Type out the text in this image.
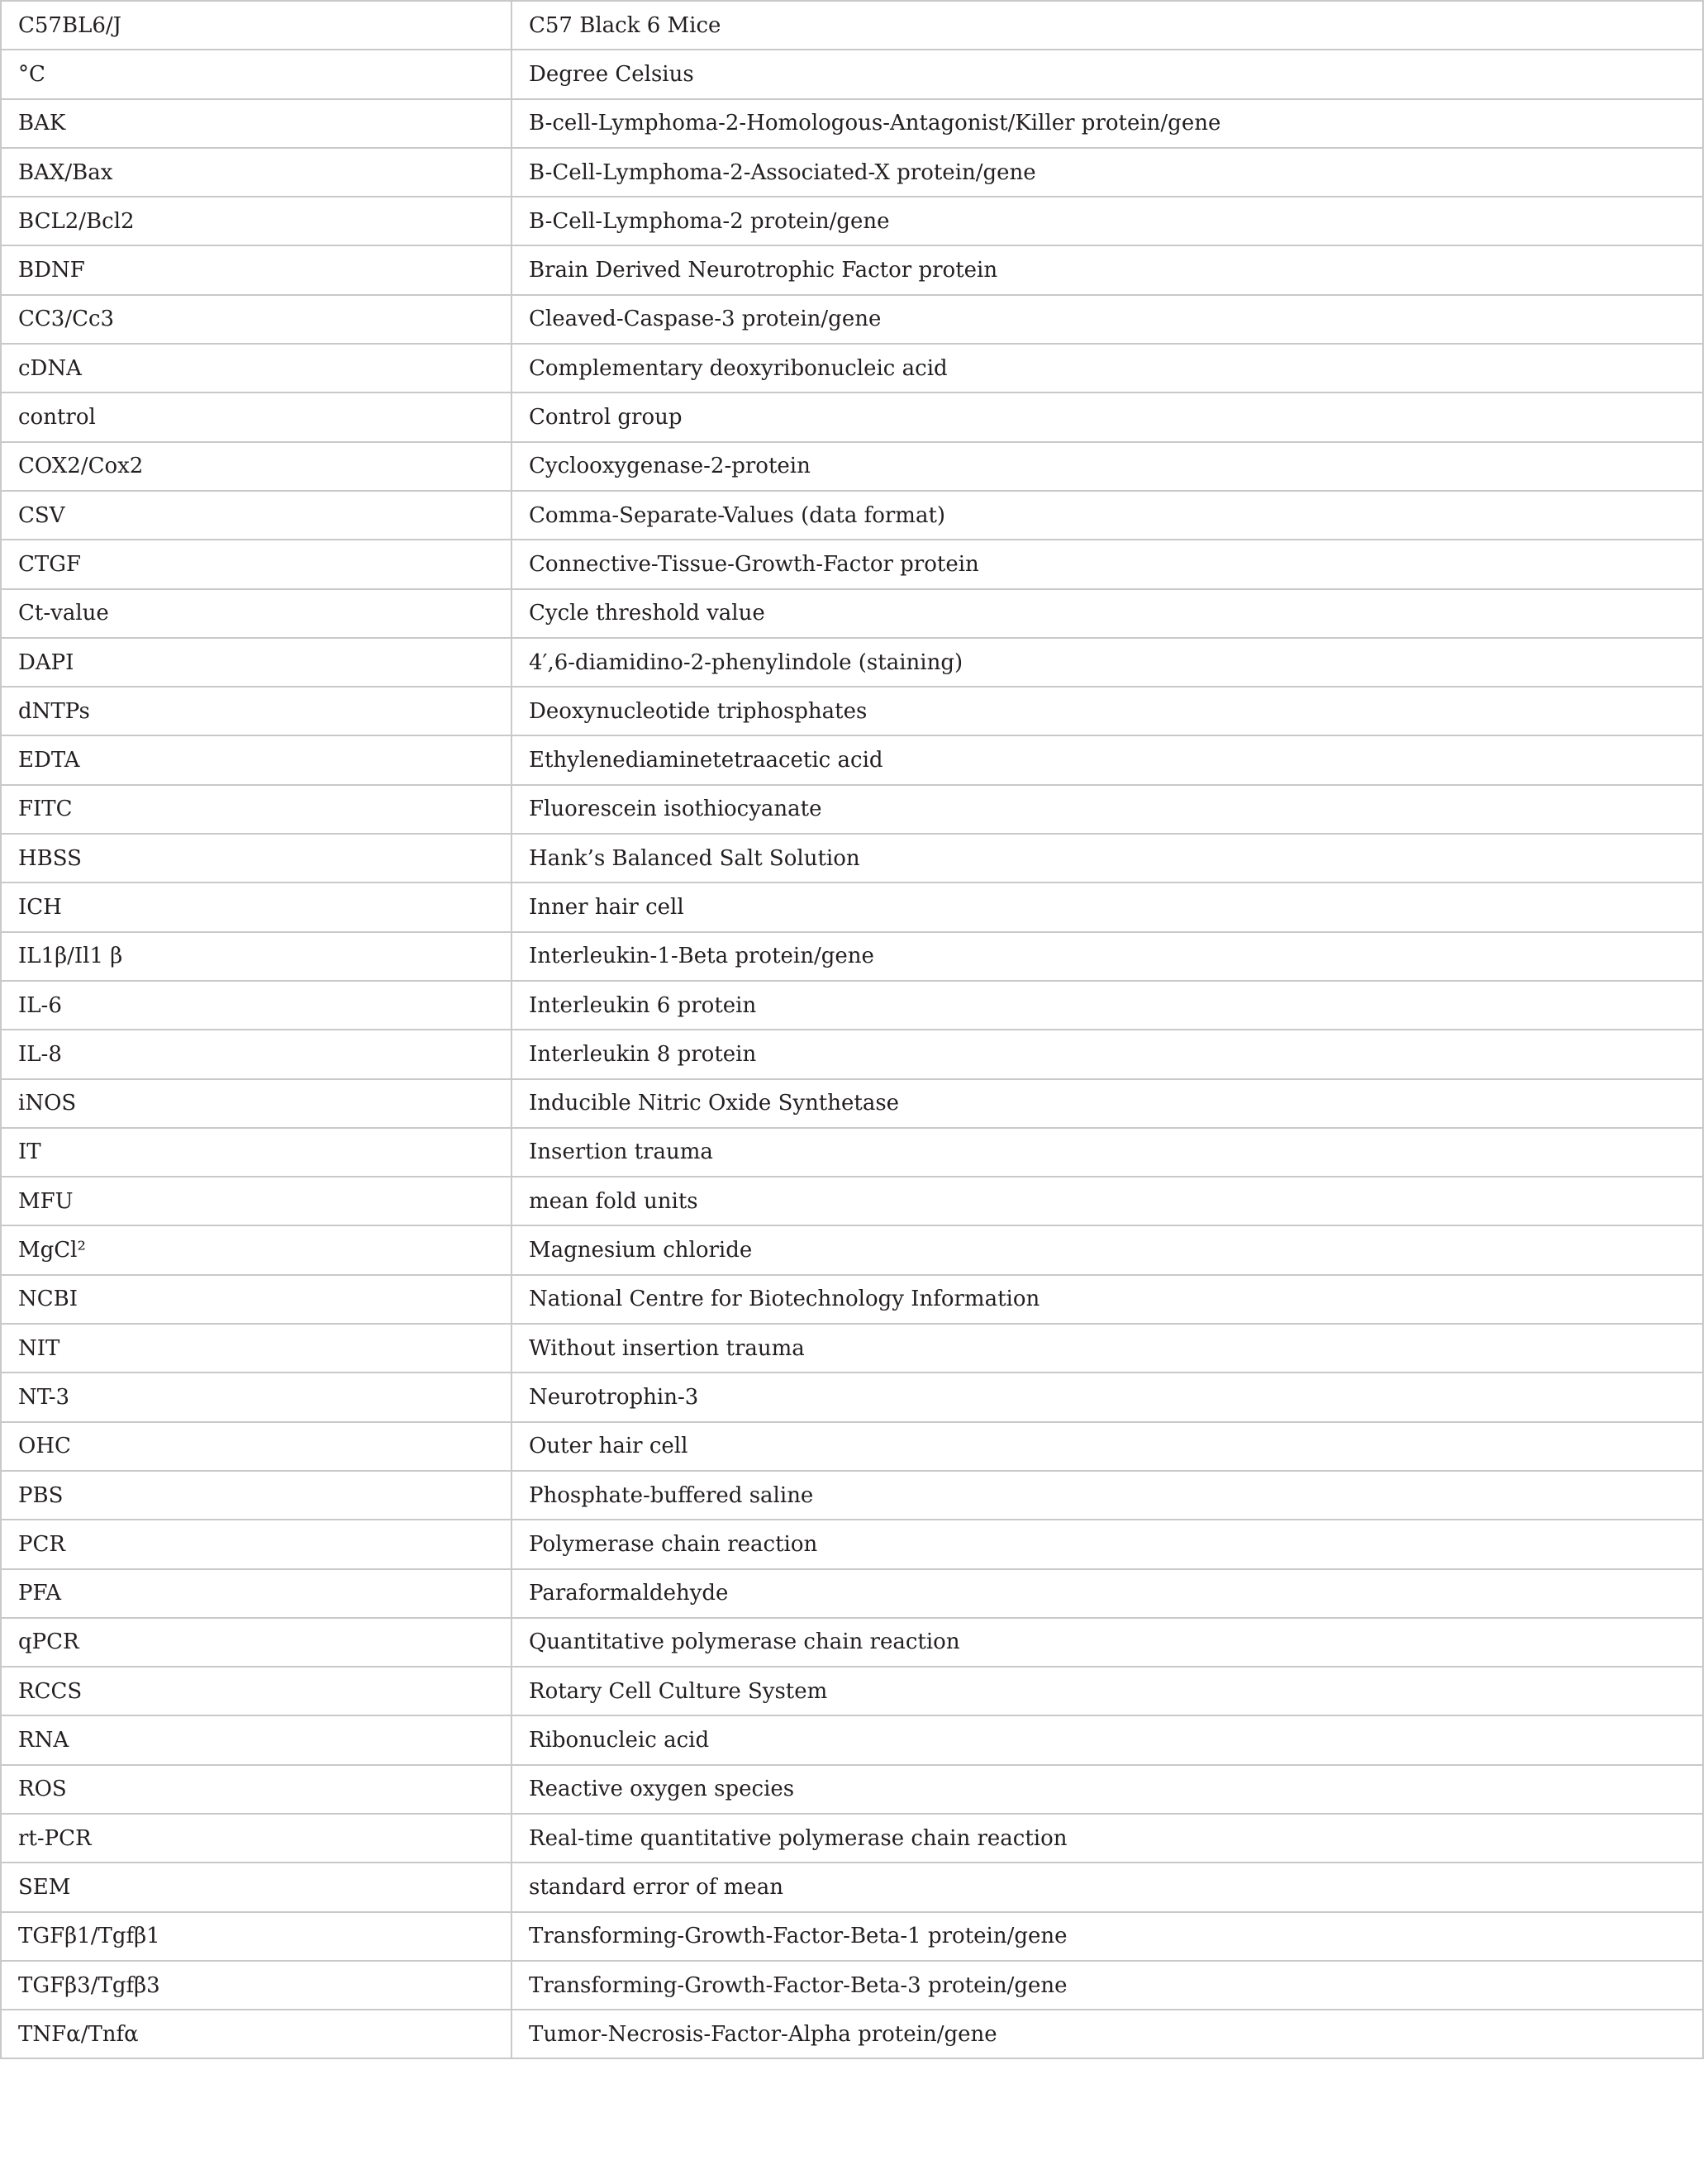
C57BL6/J	C57 Black 6 Mice
°C	Degree Celsius
BAK	B-cell-Lymphoma-2-Homologous-Antagonist/Killer protein/gene
BAX/Bax	B-Cell-Lymphoma-2-Associated-X protein/gene
BCL2/Bcl2	B-Cell-Lymphoma-2 protein/gene
BDNF	Brain Derived Neurotrophic Factor protein
CC3/Cc3	Cleaved-Caspase-3 protein/gene
cDNA	Complementary deoxyribonucleic acid
control	Control group
COX2/Cox2	Cyclooxygenase-2-protein
CSV	Comma-Separate-Values (data format)
CTGF	Connective-Tissue-Growth-Factor protein
Ct-value	Cycle threshold value
DAPI	4′,6-diamidino-2-phenylindole (staining)
dNTPs	Deoxynucleotide triphosphates
EDTA	Ethylenediaminetetraacetic acid
FITC	Fluorescein isothiocyanate
HBSS	Hank’s Balanced Salt Solution
ICH	Inner hair cell
IL1β/Il1 β	Interleukin-1-Beta protein/gene
IL-6	Interleukin 6 protein
IL-8	Interleukin 8 protein
iNOS	Inducible Nitric Oxide Synthetase
IT	Insertion trauma
MFU	mean fold units
MgCl²	Magnesium chloride
NCBI	National Centre for Biotechnology Information
NIT	Without insertion trauma
NT-3	Neurotrophin-3
OHC	Outer hair cell
PBS	Phosphate-buffered saline
PCR	Polymerase chain reaction
PFA	Paraformaldehyde
qPCR	Quantitative polymerase chain reaction
RCCS	Rotary Cell Culture System
RNA	Ribonucleic acid
ROS	Reactive oxygen species
rt-PCR	Real-time quantitative polymerase chain reaction
SEM	standard error of mean
TGFβ1/Tgfβ1	Transforming-Growth-Factor-Beta-1 protein/gene
TGFβ3/Tgfβ3	Transforming-Growth-Factor-Beta-3 protein/gene
TNFα/Tnfα	Tumor-Necrosis-Factor-Alpha protein/gene
